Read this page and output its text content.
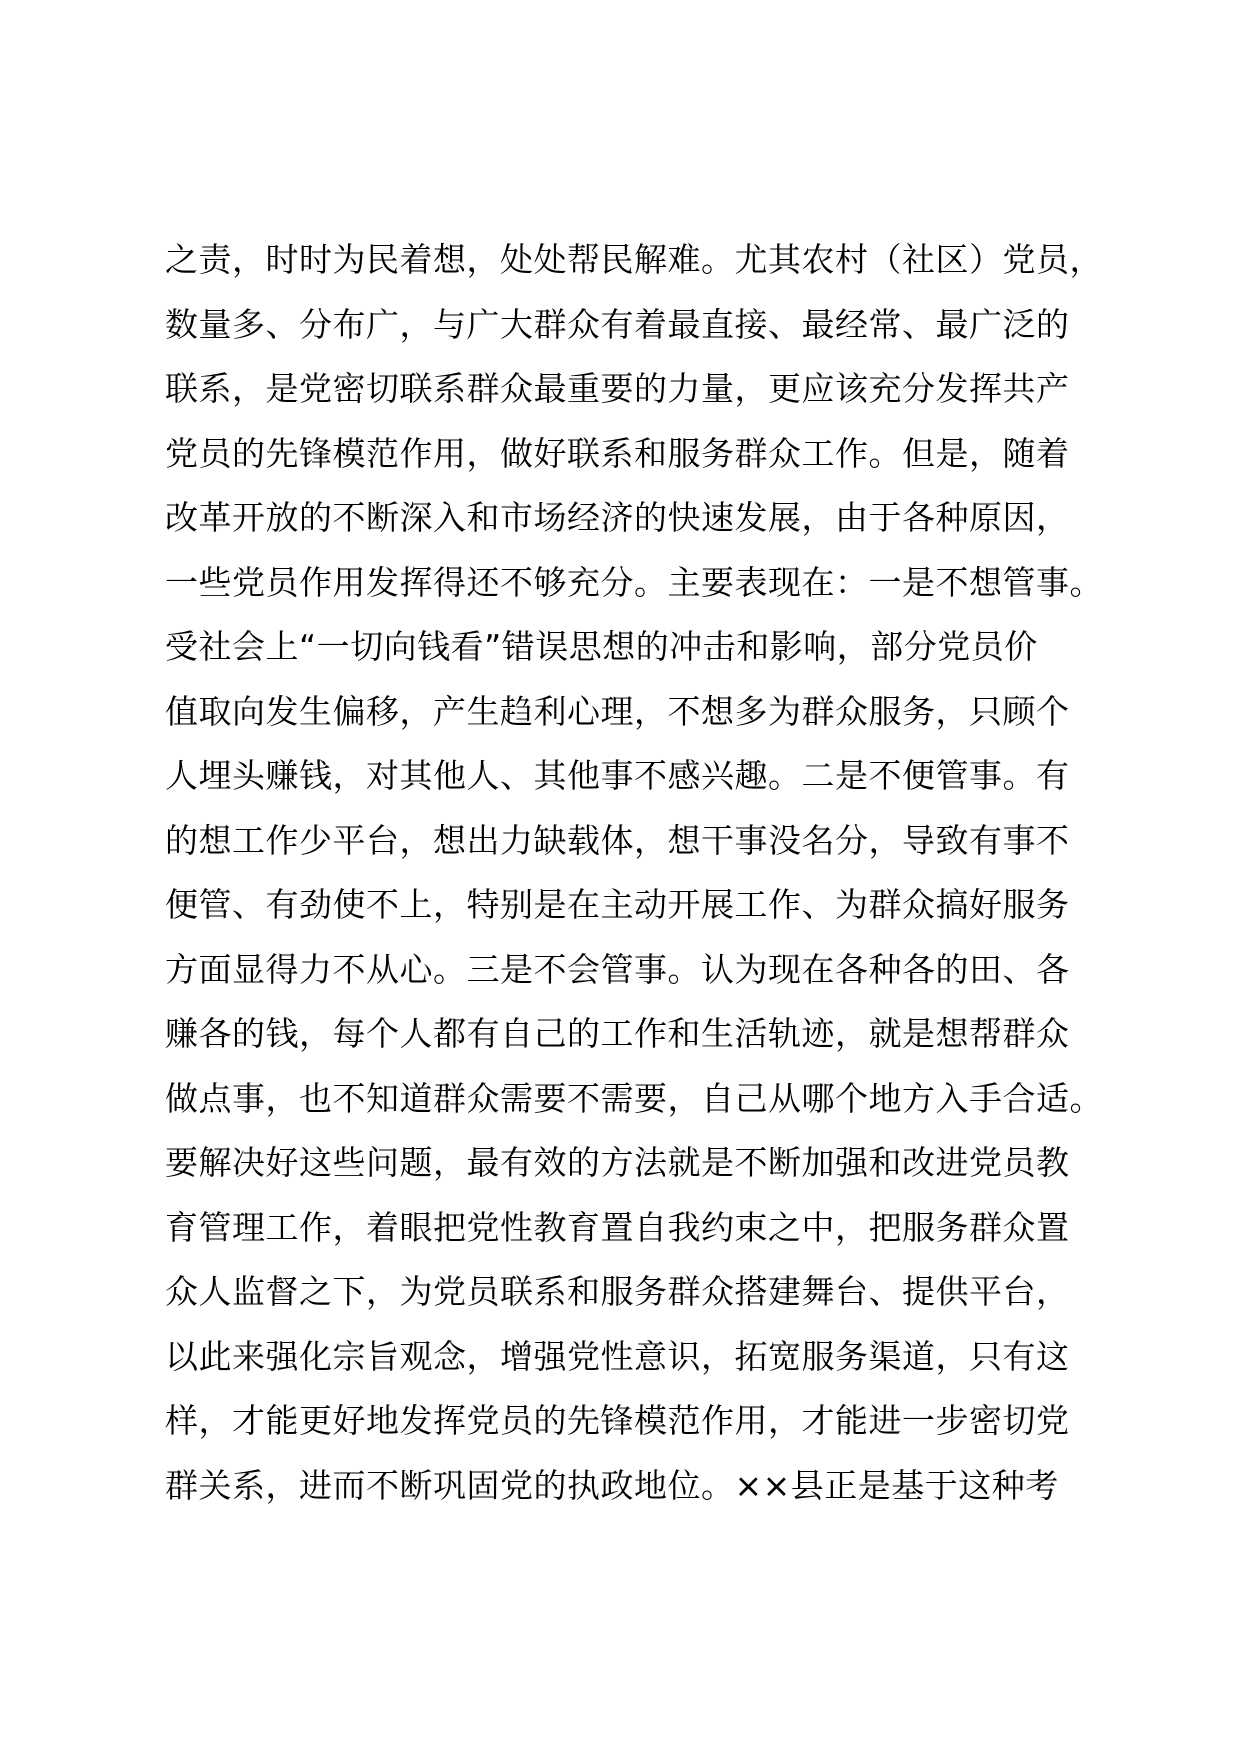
之责，时时为民着想，处处帮民解难。尤其农村（社区）党员，
数量多、分布广，与广大群众有着最直接、最经常、最广泛的
联系，是党密切联系群众最重要的力量，更应该充分发挥共产
党员的先锋模范作用，做好联系和服务群众工作。但是，随着
改革开放的不断深入和市场经济的快速发展，由于各种原因，
一些党员作用发挥得还不够充分。主要表现在：一是不想管事。
受社会上“一切向钱看”错误思想的冲击和影响，部分党员价
值取向发生偏移，产生趋利心理，不想多为群众服务，只顾个
人埋头赚钱，对其他人、其他事不感兴趣。二是不便管事。有
的想工作少平台，想出力缺载体，想干事没名分，导致有事不
便管、有劲使不上，特别是在主动开展工作、为群众搞好服务
方面显得力不从心。三是不会管事。认为现在各种各的田、各
赚各的钱，每个人都有自己的工作和生活轨迹，就是想帮群众
做点事，也不知道群众需要不需要，自己从哪个地方入手合适。
要解决好这些问题，最有效的方法就是不断加强和改进党员教
育管理工作，着眼把党性教育置自我约束之中，把服务群众置
众人监督之下，为党员联系和服务群众搭建舞台、提供平台，
以此来强化宗旨观念，增强党性意识，拓宽服务渠道，只有这
样，才能更好地发挥党员的先锋模范作用，才能进一步密切党
群关系，进而不断巩固党的执政地位。××县正是基于这种考
